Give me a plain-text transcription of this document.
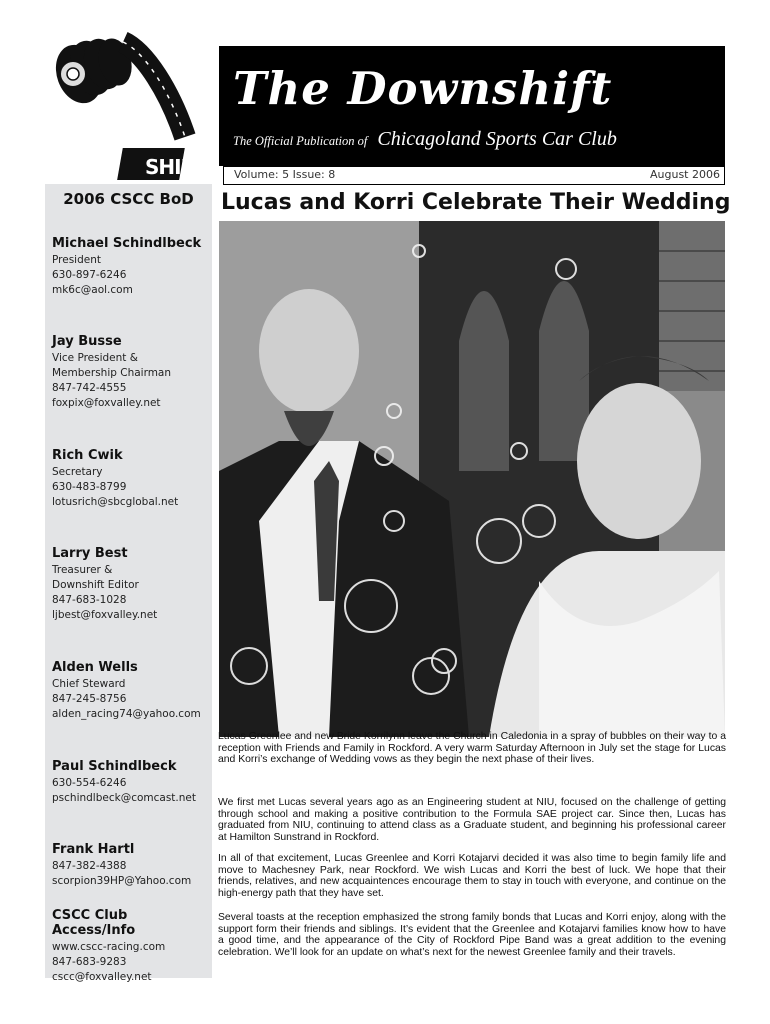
DOWN
SHIFT
2006 CSCC BoD
Michael Schindlbeck
President
630-897-6246
mk6c@aol.com
Jay Busse
Vice President &
Membership Chairman
847-742-4555
foxpix@foxvalley.net
Rich Cwik
Secretary
630-483-8799
lotusrich@sbcglobal.net
Larry Best
Treasurer &
Downshift Editor
847-683-1028
ljbest@foxvalley.net
Alden Wells
Chief Steward
847-245-8756
alden_racing74@yahoo.com
Paul Schindlbeck
630-554-6246
pschindlbeck@comcast.net
Frank Hartl
847-382-4388
scorpion39HP@Yahoo.com
CSCC Club Access/Info
www.cscc-racing.com
847-683-9283
cscc@foxvalley.net
The Downshift
The Official Publication of Chicagoland Sports Car Club
Volume: 5 Issue: 8	August 2006
Lucas and Korri Celebrate Their Wedding

Lucas Greenlee and new Bride Korrilynn leave the Church in Caledonia in a spray of bubbles on their way to a reception with Friends and Family in Rockford. A very warm Saturday Afternoon in July set the stage for Lucas and Korri’s exchange of Wedding vows as they begin the next phase of their lives.

We first met Lucas several years ago as an Engineering student at NIU, focused on the challenge of getting through school and making a positive contribution to the Formula SAE project car. Since then, Lucas has graduated from NIU, continuing to attend class as a Graduate student, and beginning his professional career at Hamilton Sunstrand in Rockford.

In all of that excitement, Lucas Greenlee and Korri Kotajarvi decided it was also time to begin family life and move to Machesney Park, near Rockford. We wish Lucas and Korri the best of luck. We hope that their friends, relatives, and new acquaintences encourage them to stay in touch with everyone, and continue on the high-energy path that they have set.

Several toasts at the reception emphasized the strong family bonds that Lucas and Korri enjoy, along with the support form their friends and siblings. It’s evident that the Greenlee and Kotajarvi families know how to have a good time, and the appearance of the City of Rockford Pipe Band was a great addition to the evening celebration. We’ll look for an update on what’s next for the newest Greenlee family and their travels.
